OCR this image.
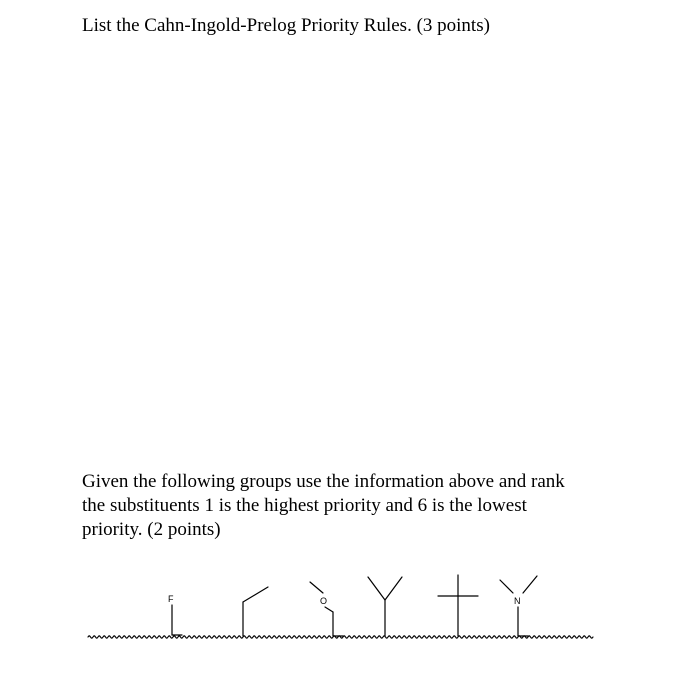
List the Cahn-Ingold-Prelog Priority Rules. (3 points)
Given the following groups use the information above and rank
the substituents 1 is the highest priority and 6 is the lowest
priority. (2 points)
F	O	N
